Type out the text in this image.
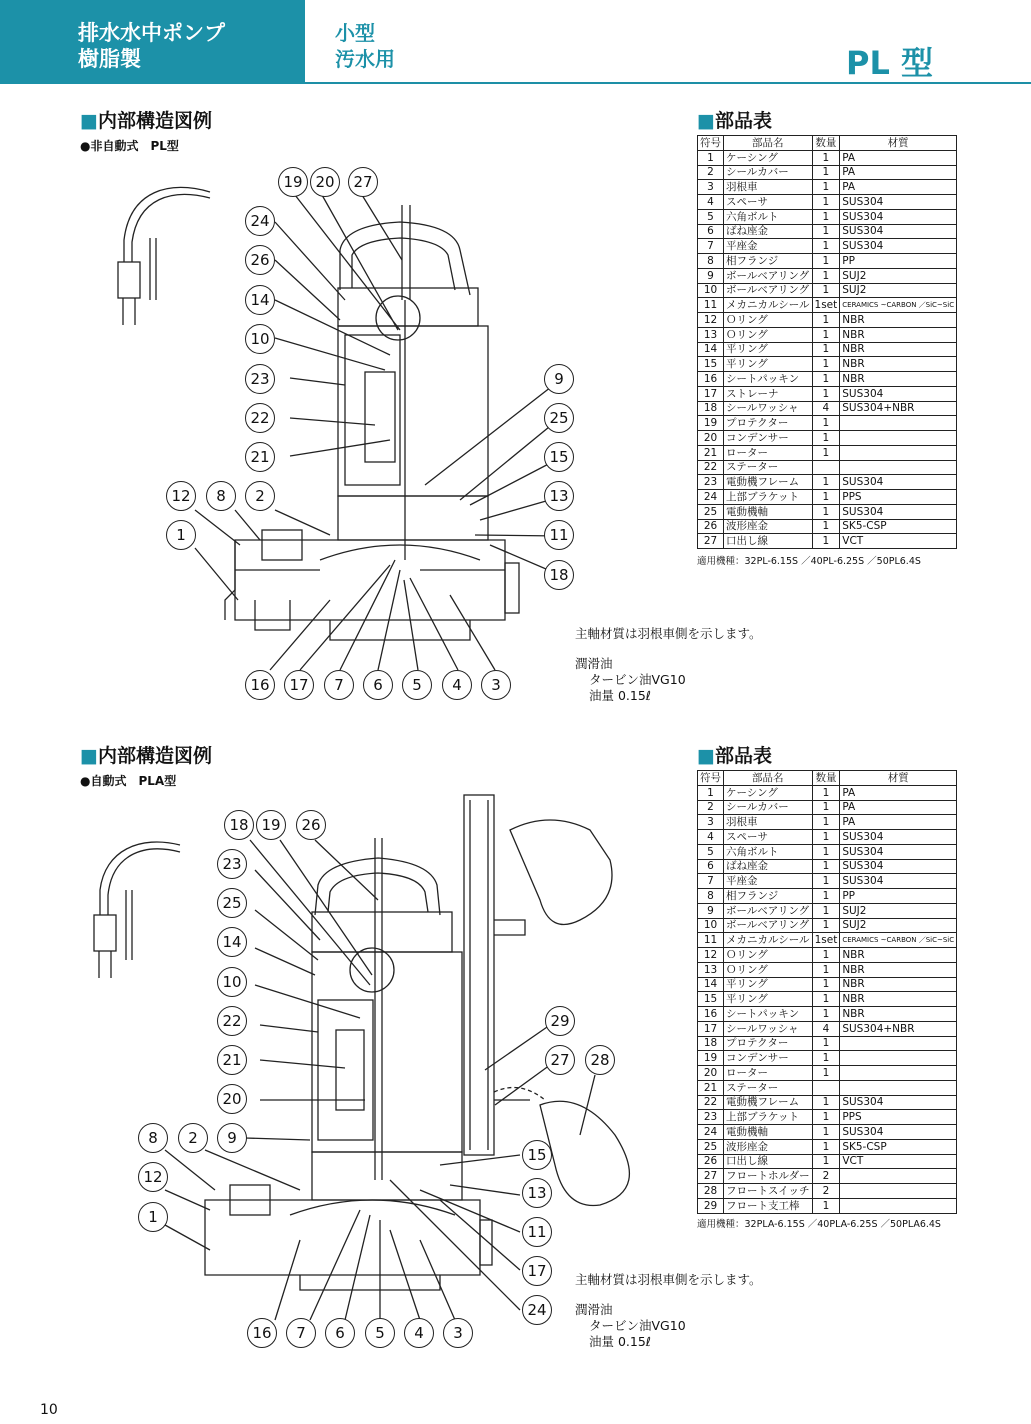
排水水中ポンプ
樹脂製
小型
汚水用	PL 型
■内部構造図例
●非自動式　PL型
■部品表
符号	部品名	数量	材質
1	ケーシング	1	PA
2	シールカバー	1	PA
3	羽根車	1	PA
4	スペーサ	1	SUS304
5	六角ボルト	1	SUS304
6	ばね座金	1	SUS304
7	平座金	1	SUS304
8	相フランジ	1	PP
9	ボールベアリング	1	SUJ2
10	ボールベアリング	1	SUJ2
11	メカニカルシール	1set	CERAMICS ~CARBON ／SiC~SiC
12	Ｏリング	1	NBR
13	Ｏリング	1	NBR
14	平リング	1	NBR
15	平リング	1	NBR
16	シートパッキン	1	NBR
17	ストレーナ	1	SUS304
18	シールワッシャ	4	SUS304+NBR
19	プロテクター	1	
20	コンデンサー	1	
21	ローター	1	
22	ステーター		
23	電動機フレーム	1	SUS304
24	上部ブラケット	1	PPS
25	電動機軸	1	SUS304
26	波形座金	1	SK5-CSP
27	口出し線	1	VCT
適用機種：32PL-6.15S ／40PL-6.25S ／50PL6.4S
主軸材質は羽根車側を示します。
潤滑油
タービン油VG10
油量 0.15ℓ
19 20	27
24
26
14
10
23
22
21
12	8	2
1
9
25
15
13
11
18
16	17	7	6	5	4	3
■内部構造図例
●自動式　PLA型
■部品表
符号	部品名	数量	材質
1	ケーシング	1	PA
2	シールカバー	1	PA
3	羽根車	1	PA
4	スペーサ	1	SUS304
5	六角ボルト	1	SUS304
6	ばね座金	1	SUS304
7	平座金	1	SUS304
8	相フランジ	1	PP
9	ボールベアリング	1	SUJ2
10	ボールベアリング	1	SUJ2
11	メカニカルシール	1set	CERAMICS ~CARBON ／SiC~SiC
12	Ｏリング	1	NBR
13	Ｏリング	1	NBR
14	平リング	1	NBR
15	平リング	1	NBR
16	シートパッキン	1	NBR
17	シールワッシャ	4	SUS304+NBR
18	プロテクター	1	
19	コンデンサー	1	
20	ローター	1	
21	ステーター		
22	電動機フレーム	1	SUS304
23	上部ブラケット	1	PPS
24	電動機軸	1	SUS304
25	波形座金	1	SK5-CSP
26	口出し線	1	VCT
27	フロートホルダー	2	
28	フロートスイッチ	2	
29	フロート支工棒	1	
適用機種：32PLA-6.15S ／40PLA-6.25S ／50PLA6.4S
主軸材質は羽根車側を示します。
潤滑油
タービン油VG10
油量 0.15ℓ
18 19	26
23
25
14
10
22
21
20
8	2	9
12
1
29
27	28
15
13
11
17
24
16	7	6	5	4	3
10
